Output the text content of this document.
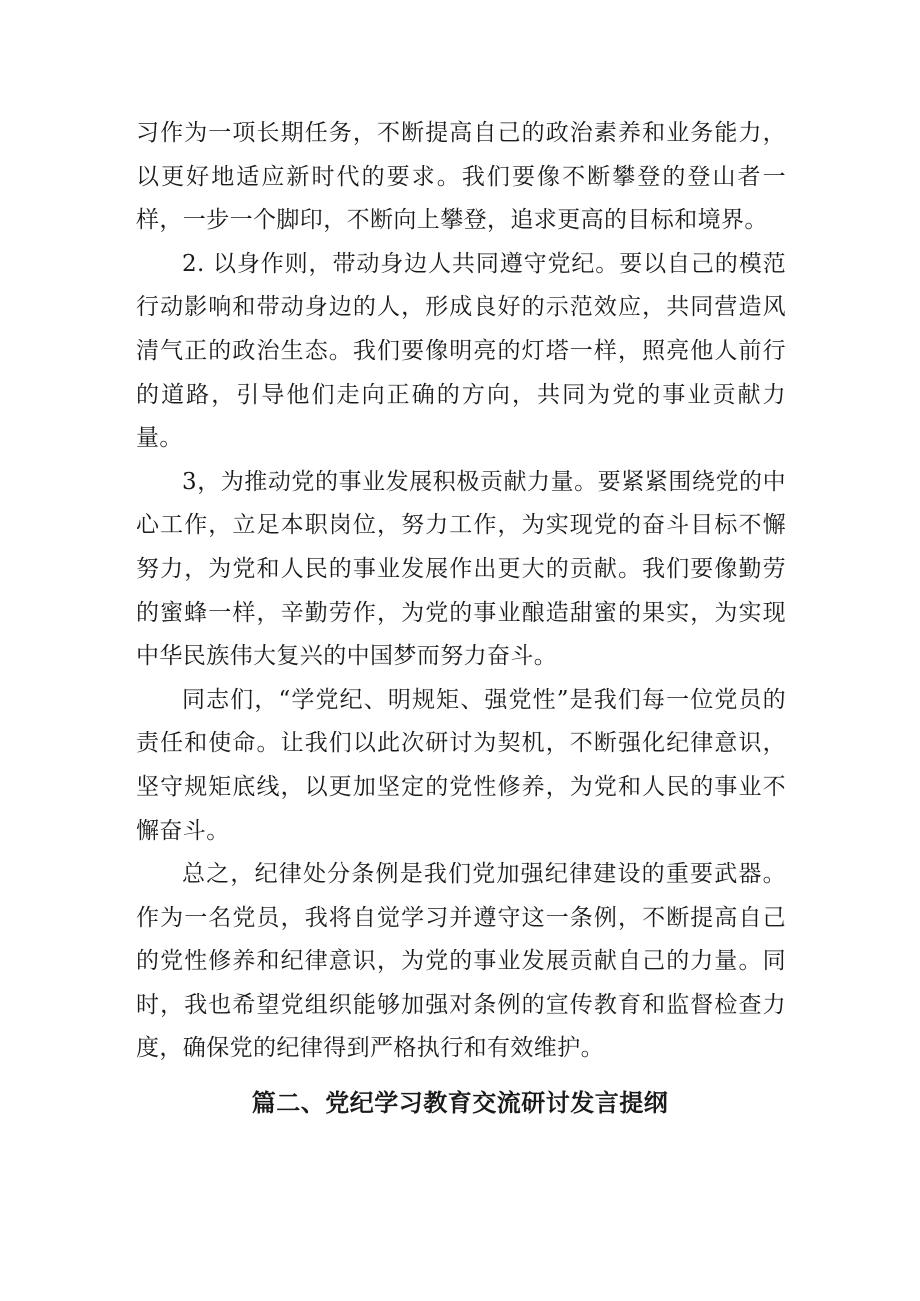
习作为一项长期任务，不断提高自己的政治素养和业务能力，以更好地适应新时代的要求。我们要像不断攀登的登山者一样，一步一个脚印，不断向上攀登，追求更高的目标和境界。

2. 以身作则，带动身边人共同遵守党纪。要以自己的模范行动影响和带动身边的人，形成良好的示范效应，共同营造风清气正的政治生态。我们要像明亮的灯塔一样，照亮他人前行的道路，引导他们走向正确的方向，共同为党的事业贡献力量。

3，为推动党的事业发展积极贡献力量。要紧紧围绕党的中心工作，立足本职岗位，努力工作，为实现党的奋斗目标不懈努力，为党和人民的事业发展作出更大的贡献。我们要像勤劳的蜜蜂一样，辛勤劳作，为党的事业酿造甜蜜的果实，为实现中华民族伟大复兴的中国梦而努力奋斗。

同志们，“学党纪、明规矩、强党性”是我们每一位党员的责任和使命。让我们以此次研讨为契机，不断强化纪律意识，坚守规矩底线，以更加坚定的党性修养，为党和人民的事业不懈奋斗。

总之，纪律处分条例是我们党加强纪律建设的重要武器。作为一名党员，我将自觉学习并遵守这一条例，不断提高自己的党性修养和纪律意识，为党的事业发展贡献自己的力量。同时，我也希望党组织能够加强对条例的宣传教育和监督检查力度，确保党的纪律得到严格执行和有效维护。

篇二、党纪学习教育交流研讨发言提纲
